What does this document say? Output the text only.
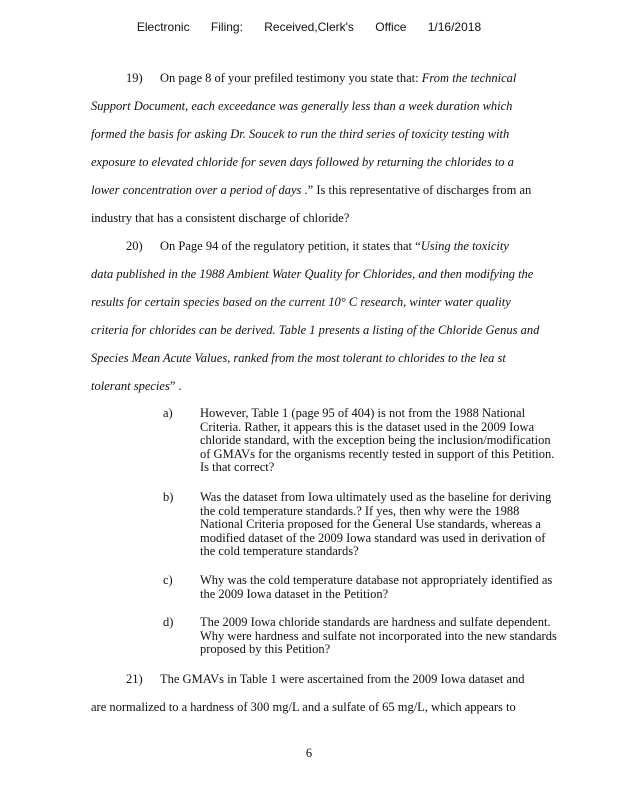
Electronic Filing: Received,Clerk's Office 1/16/2018
19) On page 8 of your prefiled testimony you state that: From the technical
Support Document, each exceedance was generally less than a week duration which
formed the basis for asking Dr. Soucek to run the third series of toxicity testing with
exposure to elevated chloride for seven days followed by returning the chlorides to a
lower concentration over a period of days .” Is this representative of discharges from an
industry that has a consistent discharge of chloride?
20) On Page 94 of the regulatory petition, it states that “Using the toxicity
data published in the 1988 Ambient Water Quality for Chlorides, and then modifying the
results for certain species based on the current 10° C research, winter water quality
criteria for chlorides can be derived. Table 1 presents a listing of the Chloride Genus and
Species Mean Acute Values, ranked from the most tolerant to chlorides to the lea st
tolerant species” .
a) However, Table 1 (page 95 of 404) is not from the 1988 National Criteria. Rather, it appears this is the dataset used in the 2009 Iowa chloride standard, with the exception being the inclusion/modification of GMAVs for the organisms recently tested in support of this Petition. Is that correct?
b) Was the dataset from Iowa ultimately used as the baseline for deriving the cold temperature standards.? If yes, then why were the 1988 National Criteria proposed for the General Use standards, whereas a modified dataset of the 2009 Iowa standard was used in derivation of the cold temperature standards?
c) Why was the cold temperature database not appropriately identified as the 2009 Iowa dataset in the Petition?
d) The 2009 Iowa chloride standards are hardness and sulfate dependent. Why were hardness and sulfate not incorporated into the new standards proposed by this Petition?
21) The GMAVs in Table 1 were ascertained from the 2009 Iowa dataset and
are normalized to a hardness of 300 mg/L and a sulfate of 65 mg/L, which appears to
6
